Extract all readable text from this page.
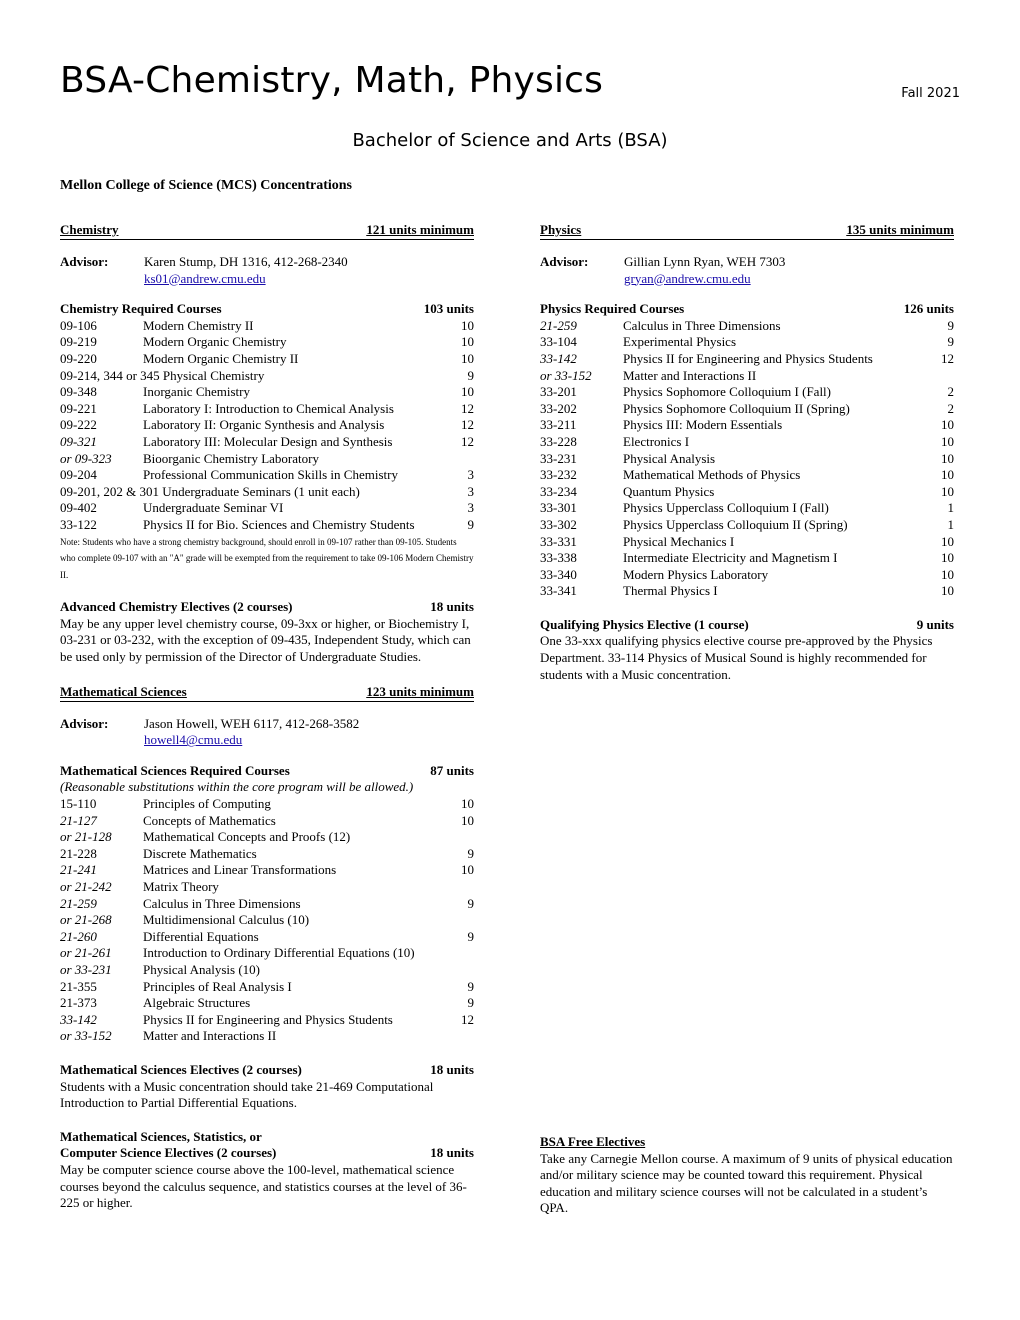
BSA-Chemistry, Math, Physics	Fall 2021
Bachelor of Science and Arts (BSA)
Mellon College of Science (MCS) Concentrations
Chemistry	121 units minimum
Advisor:	Karen Stump, DH 1316, 412-268-2340
ks01@andrew.cmu.edu
Chemistry Required Courses	103 units
09-106	Modern Chemistry II	10
09-219	Modern Organic Chemistry	10
09-220	Modern Organic Chemistry II	10
09-214, 344 or 345 Physical Chemistry	9
09-348	Inorganic Chemistry	10
09-221	Laboratory I: Introduction to Chemical Analysis	12
09-222	Laboratory II: Organic Synthesis and Analysis	12
09-321	Laboratory III: Molecular Design and Synthesis	12
or 09-323	Bioorganic Chemistry Laboratory
09-204	Professional Communication Skills in Chemistry	3
09-201, 202 & 301 Undergraduate Seminars (1 unit each)	3
09-402	Undergraduate Seminar VI	3
33-122	Physics II for Bio. Sciences and Chemistry Students	9
Note: Students who have a strong chemistry background, should enroll in 09-107 rather than 09-105. Students who complete 09-107 with an "A" grade will be exempted from the requirement to take 09-106 Modern Chemistry II.
Advanced Chemistry Electives (2 courses)	18 units

May be any upper level chemistry course, 09-3xx or higher, or Biochemistry I, 03-231 or 03-232, with the exception of 09-435, Independent Study, which can be used only by permission of the Director of Undergraduate Studies.

Mathematical Sciences	123 units minimum
Advisor:	Jason Howell, WEH 6117, 412-268-3582
howell4@cmu.edu
Mathematical Sciences Required Courses	87 units
(Reasonable substitutions within the core program will be allowed.)
15-110	Principles of Computing	10
21-127	Concepts of Mathematics	10
or 21-128	Mathematical Concepts and Proofs (12)
21-228	Discrete Mathematics	9
21-241	Matrices and Linear Transformations	10
or 21-242	Matrix Theory
21-259	Calculus in Three Dimensions	9
or 21-268	Multidimensional Calculus (10)
21-260	Differential Equations	9
or 21-261	Introduction to Ordinary Differential Equations (10)
or 33-231	Physical Analysis (10)
21-355	Principles of Real Analysis I	9
21-373	Algebraic Structures	9
33-142	Physics II for Engineering and Physics Students	12
or 33-152	Matter and Interactions II
Mathematical Sciences Electives (2 courses)	18 units

Students with a Music concentration should take 21-469 Computational Introduction to Partial Differential Equations.

Mathematical Sciences, Statistics, or
Computer Science Electives (2 courses)	18 units

May be computer science course above the 100-level, mathematical science courses beyond the calculus sequence, and statistics courses at the level of 36-225 or higher.

Physics	135 units minimum
Advisor:	Gillian Lynn Ryan, WEH 7303
gryan@andrew.cmu.edu
Physics Required Courses	126 units
21-259	Calculus in Three Dimensions	9
33-104	Experimental Physics	9
33-142	Physics II for Engineering and Physics Students	12
or 33-152	Matter and Interactions II
33-201	Physics Sophomore Colloquium I (Fall)	2
33-202	Physics Sophomore Colloquium II (Spring)	2
33-211	Physics III: Modern Essentials	10
33-228	Electronics I	10
33-231	Physical Analysis	10
33-232	Mathematical Methods of Physics	10
33-234	Quantum Physics	10
33-301	Physics Upperclass Colloquium I (Fall)	1
33-302	Physics Upperclass Colloquium II (Spring)	1
33-331	Physical Mechanics I	10
33-338	Intermediate Electricity and Magnetism I	10
33-340	Modern Physics Laboratory	10
33-341	Thermal Physics I	10
Qualifying Physics Elective (1 course)	9 units

One 33-xxx qualifying physics elective course pre-approved by the Physics Department. 33-114 Physics of Musical Sound is highly recommended for students with a Music concentration.

BSA Free Electives

Take any Carnegie Mellon course. A maximum of 9 units of physical education and/or military science may be counted toward this requirement. Physical education and military science courses will not be calculated in a student’s QPA.
